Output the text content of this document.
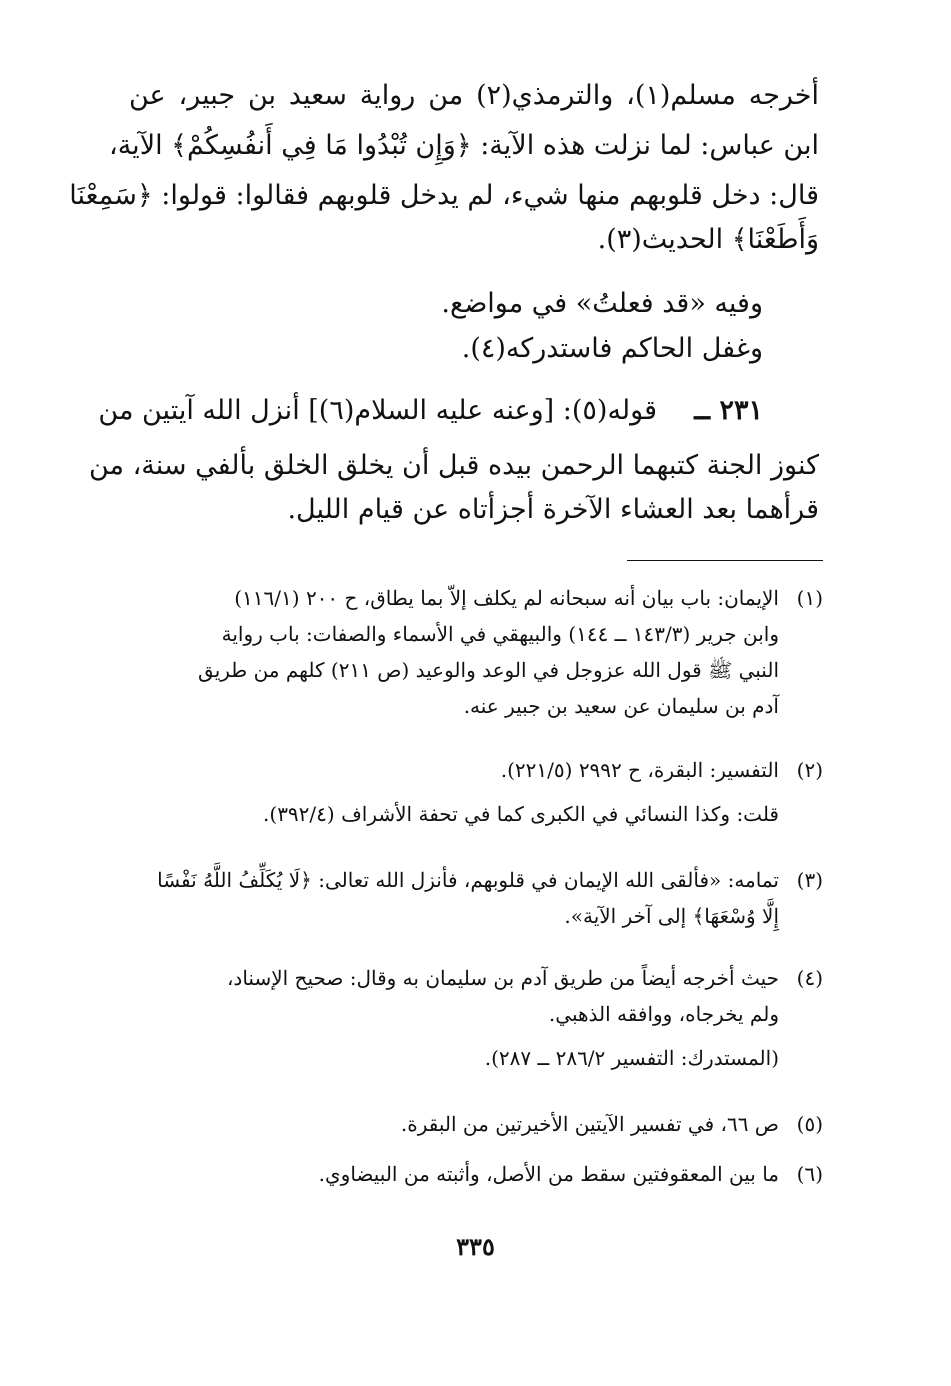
أخرجه مسلم(١)، والترمذي(٢) من رواية سعيد بن جبير، عن
ابن عباس: لما نزلت هذه الآية: ﴿وَإِن تُبْدُوا مَا فِي أَنفُسِكُمْ﴾ الآية،
قال: دخل قلوبهم منها شيء، لم يدخل قلوبهم فقالوا: قولوا: ﴿سَمِعْنَا
وَأَطَعْنَا﴾ الحديث(٣).
وفيه «قد فعلتُ» في مواضع.
وغفل الحاكم فاستدركه(٤).
٢٣١ ــ
قوله(٥): [وعنه عليه السلام(٦)] أنزل الله آيتين من
كنوز الجنة كتبهما الرحمن بيده قبل أن يخلق الخلق بألفي سنة، من
قرأهما بعد العشاء الآخرة أجزأتاه عن قيام الليل.
(١)
الإيمان: باب بيان أنه سبحانه لم يكلف إلاّ بما يطاق، ح ٢٠٠ (١١٦/١)
وابن جرير (١٤٣/٣ ــ ١٤٤) والبيهقي في الأسماء والصفات: باب رواية
النبي ﷺ قول الله عزوجل في الوعد والوعيد (ص ٢١١) كلهم من طريق
آدم بن سليمان عن سعيد بن جبير عنه.
(٢)
التفسير: البقرة، ح ٢٩٩٢ (٢٢١/٥).
قلت: وكذا النسائي في الكبرى كما في تحفة الأشراف (٣٩٢/٤).
(٣)
تمامه: «فألقى الله الإيمان في قلوبهم، فأنزل الله تعالى: ﴿لَا يُكَلِّفُ اللَّهُ نَفْسًا
إِلَّا وُسْعَهَا﴾ إلى آخر الآية».
(٤)
حيث أخرجه أيضاً من طريق آدم بن سليمان به وقال: صحيح الإسناد،
ولم يخرجاه، ووافقه الذهبي.
(المستدرك: التفسير ٢٨٦/٢ ــ ٢٨٧).
(٥)
ص ٦٦، في تفسير الآيتين الأخيرتين من البقرة.
(٦)
ما بين المعقوفتين سقط من الأصل، وأثبته من البيضاوي.
٣٣٥
